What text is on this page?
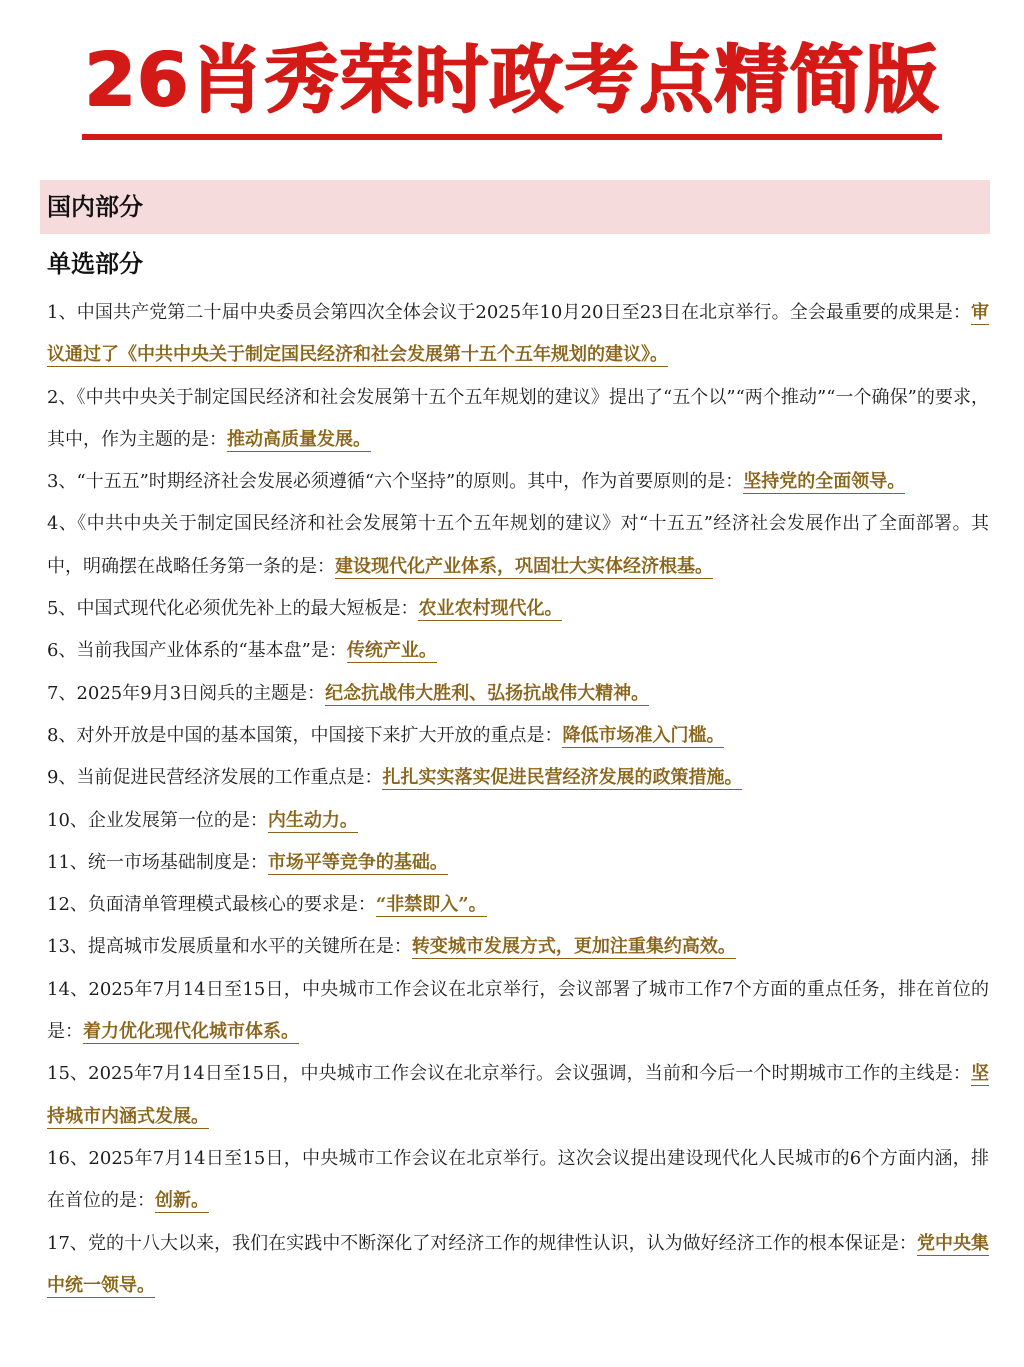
26肖秀荣时政考点精简版
国内部分
单选部分
1、中国共产党第二十届中央委员会第四次全体会议于2025年10月20日至23日在北京举行。全会最重要的成果是：审议通过了《中共中央关于制定国民经济和社会发展第十五个五年规划的建议》。
2、《中共中央关于制定国民经济和社会发展第十五个五年规划的建议》提出了“五个以”“两个推动”“一个确保”的要求，其中，作为主题的是：推动高质量发展。
3、“十五五”时期经济社会发展必须遵循“六个坚持”的原则。其中，作为首要原则的是：坚持党的全面领导。
4、《中共中央关于制定国民经济和社会发展第十五个五年规划的建议》对“十五五”经济社会发展作出了全面部署。其中，明确摆在战略任务第一条的是：建设现代化产业体系，巩固壮大实体经济根基。
5、中国式现代化必须优先补上的最大短板是：农业农村现代化。
6、当前我国产业体系的“基本盘”是：传统产业。
7、2025年9月3日阅兵的主题是：纪念抗战伟大胜利、弘扬抗战伟大精神。
8、对外开放是中国的基本国策，中国接下来扩大开放的重点是：降低市场准入门槛。
9、当前促进民营经济发展的工作重点是：扎扎实实落实促进民营经济发展的政策措施。
10、企业发展第一位的是：内生动力。
11、统一市场基础制度是：市场平等竞争的基础。
12、负面清单管理模式最核心的要求是：“非禁即入”。
13、提高城市发展质量和水平的关键所在是：转变城市发展方式，更加注重集约高效。
14、2025年7月14日至15日，中央城市工作会议在北京举行，会议部署了城市工作7个方面的重点任务，排在首位的是：着力优化现代化城市体系。
15、2025年7月14日至15日，中央城市工作会议在北京举行。会议强调，当前和今后一个时期城市工作的主线是：坚持城市内涵式发展。
16、2025年7月14日至15日，中央城市工作会议在北京举行。这次会议提出建设现代化人民城市的6个方面内涵，排在首位的是：创新。
17、党的十八大以来，我们在实践中不断深化了对经济工作的规律性认识，认为做好经济工作的根本保证是：党中央集中统一领导。
